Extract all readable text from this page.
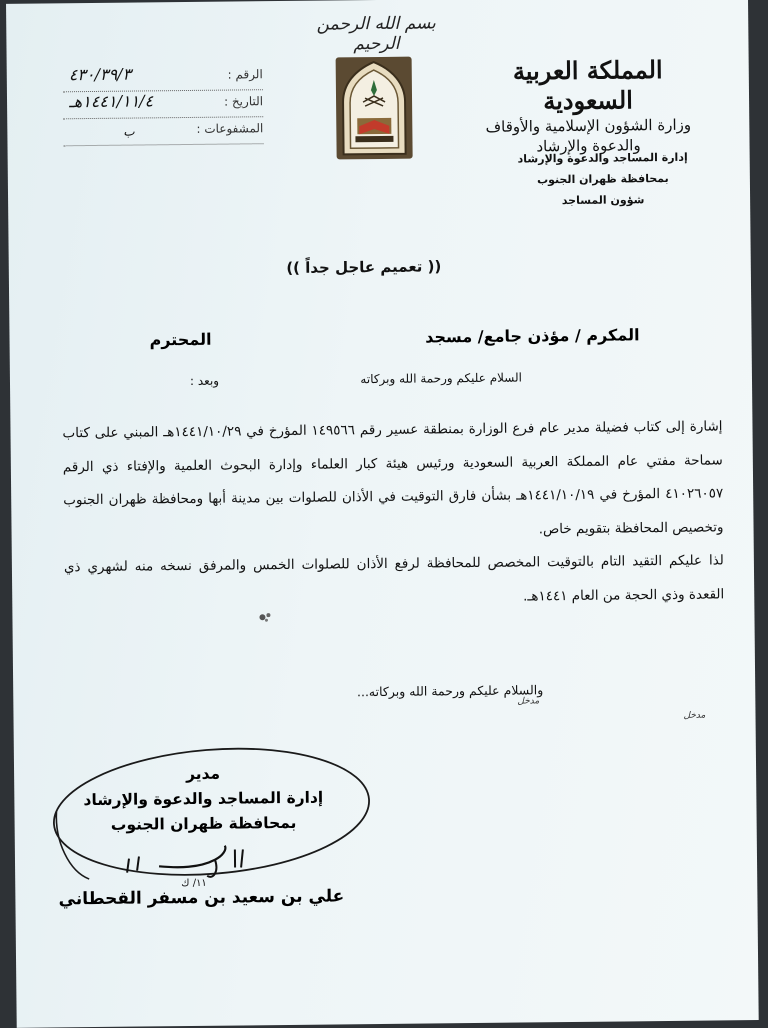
بسم الله الرحمن الرحيم
الرقم :
٤٣٠/٣٩/٣
التاريخ :
١٤٤١/١١/٤هـ
المشفوعات :
ب
المملكة العربية السعودية
وزارة الشؤون الإسلامية والأوقاف
والدعوة والإرشاد
إدارة المساجد والدعوة والإرشاد
بمحافظة ظهران الجنوب
شؤون المساجد
(( تعميم عاجل جداً ))
المكرم / مؤذن جامع/ مسجد
المحترم
السلام عليكم ورحمة الله وبركاته
وبعد :

إشارة إلى كتاب فضيلة مدير عام فرع الوزارة بمنطقة عسير رقم ١٤٩٥٦٦ المؤرخ في ١٤٤١/١٠/٢٩هـ المبني على كتاب سماحة مفتي عام المملكة العربية السعودية ورئيس هيئة كبار العلماء وإدارة البحوث العلمية والإفتاء ذي الرقم ٤١٠٢٦٠٥٧ المؤرخ في ١٤٤١/١٠/١٩هـ بشأن فارق التوقيت في الأذان للصلوات بين مدينة أبها ومحافظة ظهران الجنوب وتخصيص المحافظة بتقويم خاص.

لذا عليكم التقيد التام بالتوقيت المخصص للمحافظة لرفع الأذان للصلوات الخمس والمرفق نسخه منه لشهري ذي القعدة وذي الحجة من العام ١٤٤١هـ.

والسلام عليكم ورحمة الله وبركاته...
مدخل
مدخل
مدير
إدارة المساجد والدعوة والإرشاد
بمحافظة ظهران الجنوب
١١/ ك
علي بن سعيد بن مسفر القحطاني
